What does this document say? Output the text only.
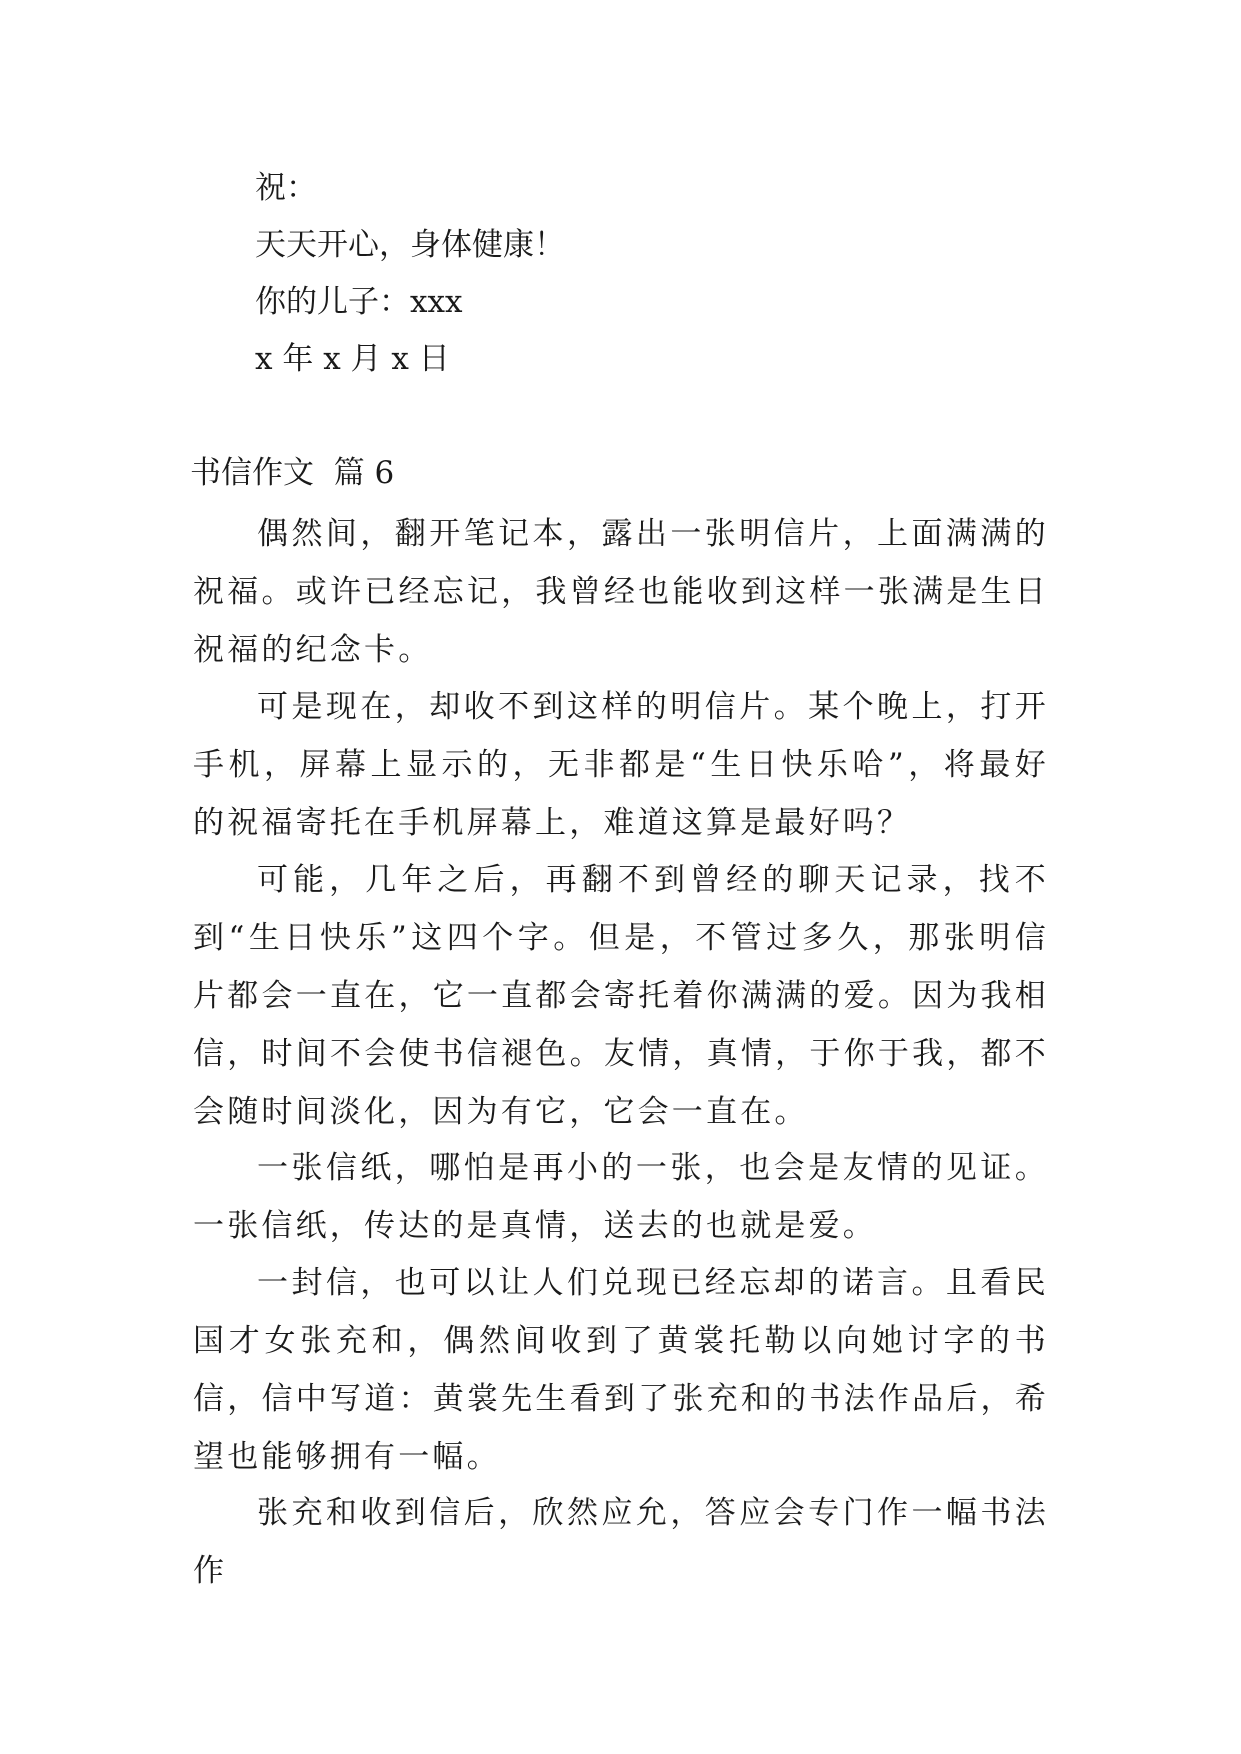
祝：
天天开心，身体健康！
你的儿子：xxx
x 年 x 月 x 日
书信作文  篇 6
偶然间，翻开笔记本，露出一张明信片，上面满满的祝福。或许已经忘记，我曾经也能收到这样一张满是生日祝福的纪念卡。
可是现在，却收不到这样的明信片。某个晚上，打开手机，屏幕上显示的，无非都是“生日快乐哈”，将最好的祝福寄托在手机屏幕上，难道这算是最好吗？
可能，几年之后，再翻不到曾经的聊天记录，找不到“生日快乐”这四个字。但是，不管过多久，那张明信片都会一直在，它一直都会寄托着你满满的爱。因为我相信，时间不会使书信褪色。友情，真情，于你于我，都不会随时间淡化，因为有它，它会一直在。
一张信纸，哪怕是再小的一张，也会是友情的见证。一张信纸，传达的是真情，送去的也就是爱。
一封信，也可以让人们兑现已经忘却的诺言。且看民国才女张充和，偶然间收到了黄裳托勒以向她讨字的书信，信中写道：黄裳先生看到了张充和的书法作品后，希望也能够拥有一幅。
张充和收到信后，欣然应允，答应会专门作一幅书法作
